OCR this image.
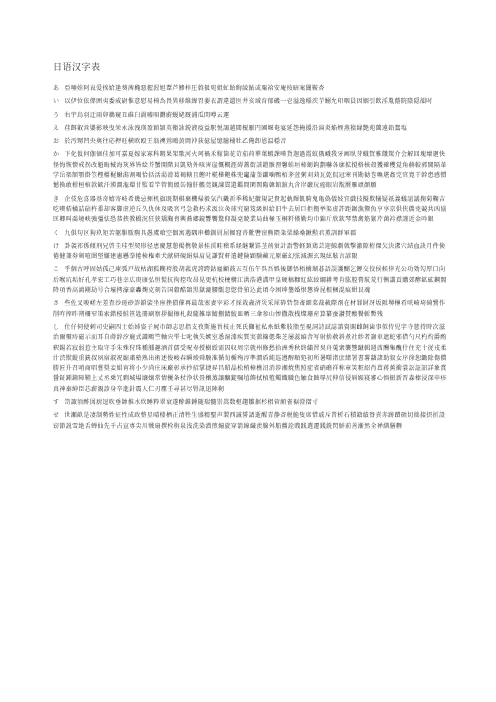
日语汉字表

あ 亞唖娃阿哀爱挨姶逢葵茜穐悪握渥旭葦芦鯵梓圧斡扱宛姐虻飴絢綾鮎或粟袷安庵按暗案闇鞍杏

い 以伊位依偉囲夷委威尉惟意慰易椅為畏異移維緯胃萎衣謂違遺医井亥域育郁磯一壱溢逸稲茨芋鰯允印咽員因姻引飲淫胤蔭院陰隠韻吋

う 右宇烏羽迂雨卯鵜窺丑碓臼渦嘘唄欝蔚鰻姥厩浦瓜閏噂云運

え 荏餌叡営嬰影映曳栄永泳洩瑛盈穎頴英衛詠鋭液疫益駅悦謁越閲榎厭円園堰奄宴延怨掩援沿演炎焔煙燕猿縁艶苑薗遠鉛鴛塩

お 於汚甥凹央奥往応押旺横欧殴王翁襖鴬鴎黄岡沖荻億屋憶臆桶牡乙俺卸恩温穏音

か 下化仮何伽価佳加可嘉夏嫁家寡科暇果架歌河火珂禍禾稼箇花苛茄荷華菓蝦課嘩貨迦過霞蚊俄峨我牙画臥芽蛾賀雅餓駕介会解回塊壊廻快怪悔恢懐戒拐改魁晦械海灰界皆絵芥蟹開階貝凱劾外咳害崖慨概涯碍蓋街該鎧骸浬馨蛙垣柿蛎鈎劃嚇各廓拡撹格核殻獲確穫覚角赫較郭閣隔革学岳楽額顎掛笠樫橿梶鰍潟割喝恰括活渇滑葛褐轄且鰹叶椛樺鞄株兜竃蒲釜鎌噛鴨栢茅萱粥刈苅瓦乾侃冠寒刊勘勧巻喚堪姦完官寛干幹患感慣憾換敢柑桓棺款歓汗漢澗潅環甘監看竿管簡緩缶翰肝艦莞観諌貫還鑑間閑関陥韓館舘丸含岸巌玩癌眼岩翫贋雁頑顔願

き 企伎危喜器基奇嬉寄岐希幾忌揮机旗既期棋棄機帰毅気汽畿祈季稀紀徽規記貴起軌輝飢騎鬼亀偽儀妓宜戯技擬欺犠疑祇義蟻誼議掬菊鞠吉吃喫桔橘詰砧杵黍却客脚虐逆丘久仇休及吸宮弓急救朽求汲泣灸球究窮笈級糾給旧牛去居巨拒拠挙渠虚許距鋸漁禦魚亨享京供侠僑兇競共凶協匡卿叫喬境峡強彊怯恐恭挟教橋況狂狭矯胸脅興蕎郷鏡響饗驚仰凝尭暁業局曲極玉桐粁僅勤均巾錦斤欣欽琴禁禽筋緊芹菌衿襟謹近金吟銀

く 九倶句区狗玖矩苦躯駆駈駒具愚虞喰空偶寓遇隅串櫛釧屑屈掘窟沓靴轡窪熊隈粂栗繰桑鍬勲君薫訓群軍郡

け 卦袈祁係傾刑兄啓圭珪型契形径恵慶慧憩掲携敬景桂渓畦稽系経継繋罫茎荊蛍計詣警軽頚鶏芸迎鯨劇戟撃激隙桁傑欠決潔穴結血訣月件倹倦健兼券剣喧圏堅嫌建憲懸拳捲検権牽犬献研硯絹県肩見謙賢軒遣鍵険顕験鹸元原厳幻弦減源玄現絃舷言諺限

こ 乎個古呼固姑孤己庫弧戸故枯湖狐糊袴股胡菰虎誇跨鈷雇顧鼓五互伍午呉吾娯後御悟梧檎瑚碁語誤護醐乞鯉交佼侯候倖光公功効勾厚口向后喉坑垢好孔孝宏工巧巷幸広庚康弘恒慌抗拘控攻昂晃更杭校梗構江洪浩港溝甲皇硬稿糠紅紘絞綱耕考肯肱腔膏航荒行衡講貢購郊酵鉱砿鋼閤降項香高鴻剛劫号合壕拷濠豪轟麹克刻告国穀酷鵠黒獄漉腰甑忽惚骨狛込此頃今困坤墾婚恨懇昏昆根梱混痕紺艮魂

さ 些佐叉唆嵯左差査沙瑳砂詐鎖裟坐座挫債催再最哉塞妻宰彩才採栽歳済災采犀砕砦祭斎細菜裁載際剤在材罪財冴坂阪堺榊肴咲崎埼碕鷺作削咋搾昨朔柵窄策索錯桜鮭笹匙冊刷察拶撮擦札殺薩雑皐鯖捌錆鮫皿晒三傘参山惨撒散桟燦珊産算纂蚕讃賛酸餐斬暫残

し 仕仔伺使刺司史嗣四士始姉姿子屍市師志思指支孜斯施旨枝止死氏獅祉私糸紙紫肢脂至視詞詩試誌諮資賜雌飼歯事似侍児字寺慈持時次滋治爾璽痔磁示而耳自蒔辞汐鹿式識鴫竺軸宍雫七叱執失嫉室悉湿漆疾質実蔀篠偲柴芝屡蕊縞舎写射捨赦斜煮社紗者謝車遮蛇邪借勺尺杓灼爵酌釈錫若寂弱惹主取守手朱殊狩珠種腫趣酒首儒受呪寿授樹綬需囚収周宗就州修愁拾洲秀秋終繍習臭舟蒐衆襲讐蹴輯週酋酬集醜什住充十従戎柔汁渋獣縦重銃叔夙宿淑祝縮粛塾熟出術述俊峻春瞬竣舜駿准循旬楯殉淳準潤盾純巡遵醇順処初所暑曙渚庶緒署書薯藷諸助叙女序徐恕鋤除傷償勝匠升召哨商唱嘗奨妾娼宵将小少尚庄床廠彰承抄招掌捷昇昌昭晶松梢樟樵沼消渉湘焼焦照症省硝礁祥称章笑粧紹肖菖蒋蕉衝裳訟証詔詳象賞醤鉦鍾鐘障鞘上丈丞乗冗剰城場壌嬢常情擾条杖浄状畳穣蒸譲醸錠嘱埴飾拭植殖燭織職色触食蝕辱尻伸信侵唇娠寝審心慎振新晋森榛浸深申疹真神秦紳臣芯薪親診身辛進針震人仁刃塵壬尋甚尽腎訊迅陣靭

す 笥諏須酢図厨逗吹垂帥推水炊睡粋翠衰遂酔錐錘随瑞髄崇嵩数枢趨雛据杉椙菅頗雀裾澄摺寸

せ 世瀬畝是凄制勢姓征性成政整星晴棲栖正清牲生盛精聖声製西誠誓請逝醒青静斉税脆隻席惜戚斥昔析石積籍績脊責赤跡蹟碩切拙接摂折設窃節説雪絶舌蝉仙先千占宣専尖川戦扇撰栓栴泉浅洗染潜煎煽旋穿箭線繊羨腺舛船薦詮賎践選遷銭銑閃鮮前善漸然全禅繕膳糎
